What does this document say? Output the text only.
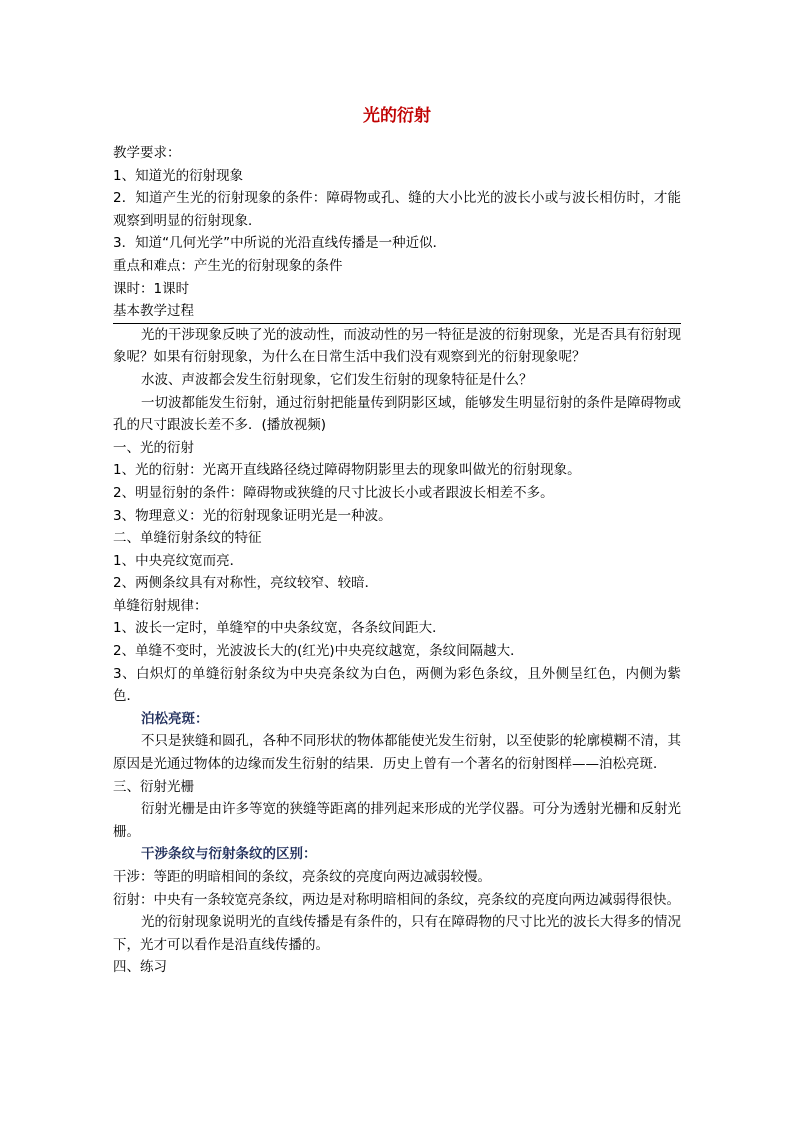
光的衍射

教学要求：

1、知道光的衍射现象

2．知道产生光的衍射现象的条件：障碍物或孔、缝的大小比光的波长小或与波长相仿时，才能观察到明显的衍射现象．

3．知道“几何光学”中所说的光沿直线传播是一种近似．

重点和难点：产生光的衍射现象的条件

课时：1课时

基本教学过程

光的干涉现象反映了光的波动性，而波动性的另一特征是波的衍射现象，光是否具有衍射现象呢？如果有衍射现象，为什么在日常生活中我们没有观察到光的衍射现象呢？

水波、声波都会发生衍射现象，它们发生衍射的现象特征是什么？

一切波都能发生衍射，通过衍射把能量传到阴影区域，能够发生明显衍射的条件是障碍物或孔的尺寸跟波长差不多．(播放视频)

一、光的衍射

1、光的衍射：光离开直线路径绕过障碍物阴影里去的现象叫做光的衍射现象。

2、明显衍射的条件：障碍物或狭缝的尺寸比波长小或者跟波长相差不多。

3、物理意义：光的衍射现象证明光是一种波。

二、单缝衍射条纹的特征

1、中央亮纹宽而亮．

2、两侧条纹具有对称性，亮纹较窄、较暗．

单缝衍射规律：

1、波长一定时，单缝窄的中央条纹宽，各条纹间距大．

2、单缝不变时，光波波长大的(红光)中央亮纹越宽，条纹间隔越大．

3、白炽灯的单缝衍射条纹为中央亮条纹为白色，两侧为彩色条纹，且外侧呈红色，内侧为紫色．

泊松亮斑：

不只是狭缝和圆孔，各种不同形状的物体都能使光发生衍射，以至使影的轮廓模糊不清，其原因是光通过物体的边缘而发生衍射的结果．历史上曾有一个著名的衍射图样——泊松亮斑．

三、衍射光栅

衍射光栅是由许多等宽的狭缝等距离的排列起来形成的光学仪器。可分为透射光栅和反射光栅。

干涉条纹与衍射条纹的区别：

干涉：等距的明暗相间的条纹，亮条纹的亮度向两边减弱较慢。

衍射：中央有一条较宽亮条纹，两边是对称明暗相间的条纹，亮条纹的亮度向两边减弱得很快。

光的衍射现象说明光的直线传播是有条件的，只有在障碍物的尺寸比光的波长大得多的情况下，光才可以看作是沿直线传播的。

四、练习
